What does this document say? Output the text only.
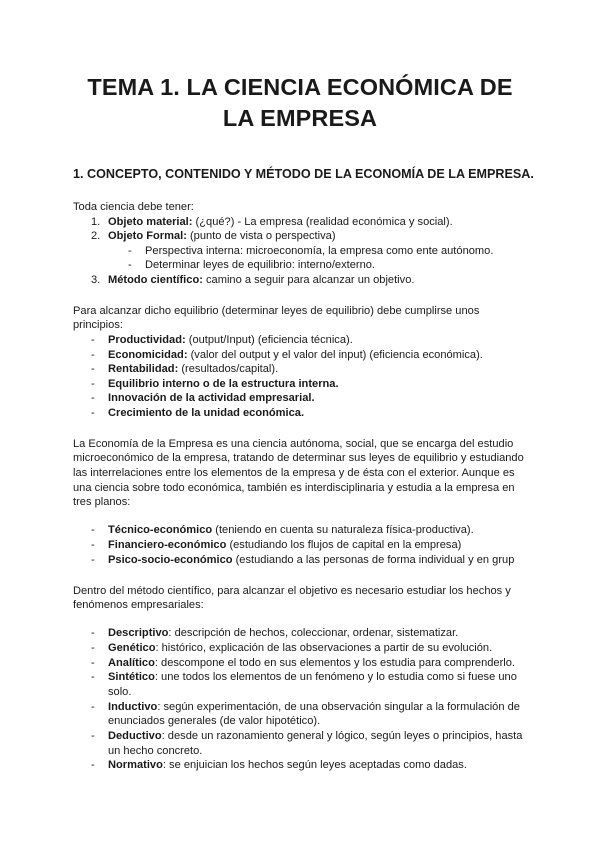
TEMA 1. LA CIENCIA ECONÓMICA DE
LA EMPRESA
1. CONCEPTO, CONTENIDO Y MÉTODO DE LA ECONOMÍA DE LA EMPRESA.
Toda ciencia debe tener:
1. Objeto material: (¿qué?) - La empresa (realidad económica y social).
2. Objeto Formal: (punto de vista o perspectiva)
- Perspectiva interna: microeconomía, la empresa como ente autónomo.
- Determinar leyes de equilibrio: interno/externo.
3. Método científico: camino a seguir para alcanzar un objetivo.
Para alcanzar dicho equilibrio (determinar leyes de equilibrio) debe cumplirse unos
principios:
- Productividad: (output/Input) (eficiencia técnica).
- Economicidad: (valor del output y el valor del input) (eficiencia económica).
- Rentabilidad: (resultados/capital).
- Equilibrio interno o de la estructura interna.
- Innovación de la actividad empresarial.
- Crecimiento de la unidad económica.
La Economía de la Empresa es una ciencia autónoma, social, que se encarga del estudio
microeconómico de la empresa, tratando de determinar sus leyes de equilibrio y estudiando
las interrelaciones entre los elementos de la empresa y de ésta con el exterior. Aunque es
una ciencia sobre todo económica, también es interdisciplinaria y estudia a la empresa en
tres planos:
- Técnico-económico (teniendo en cuenta su naturaleza física-productiva).
- Financiero-económico (estudiando los flujos de capital en la empresa)
- Psico-socio-económico (estudiando a las personas de forma individual y en grup
Dentro del método científico, para alcanzar el objetivo es necesario estudiar los hechos y
fenómenos empresariales:
- Descriptivo: descripción de hechos, coleccionar, ordenar, sistematizar.
- Genético: histórico, explicación de las observaciones a partir de su evolución.
- Analítico: descompone el todo en sus elementos y los estudia para comprenderlo.
- Sintético: une todos los elementos de un fenómeno y lo estudia como si fuese uno
solo.
- Inductivo: según experimentación, de una observación singular a la formulación de
enunciados generales (de valor hipotético).
- Deductivo: desde un razonamiento general y lógico, según leyes o principios, hasta
un hecho concreto.
- Normativo: se enjuician los hechos según leyes aceptadas como dadas.
